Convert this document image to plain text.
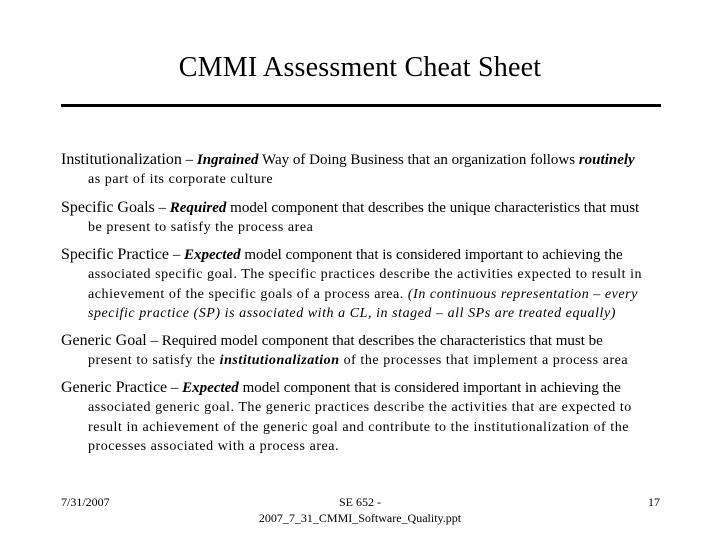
CMMI Assessment Cheat Sheet
Institutionalization – Ingrained Way of Doing Business that an organization follows routinely
as part of its corporate culture
Specific Goals – Required model component that describes the unique characteristics that must
be present to satisfy the process area
Specific Practice – Expected model component that is considered important to achieving the
associated specific goal. The specific practices describe the activities expected to result in
achievement of the specific goals of a process area. (In continuous representation – every
specific practice (SP) is associated with a CL, in staged – all SPs are treated equally)
Generic Goal – Required model component that describes the characteristics that must be
present to satisfy the institutionalization of the processes that implement a process area
Generic Practice – Expected model component that is considered important in achieving the
associated generic goal. The generic practices describe the activities that are expected to
result in achievement of the generic goal and contribute to the institutionalization of the
processes associated with a process area.
7/31/2007	SE 652 -
2007_7_31_CMMI_Software_Quality.ppt
17
